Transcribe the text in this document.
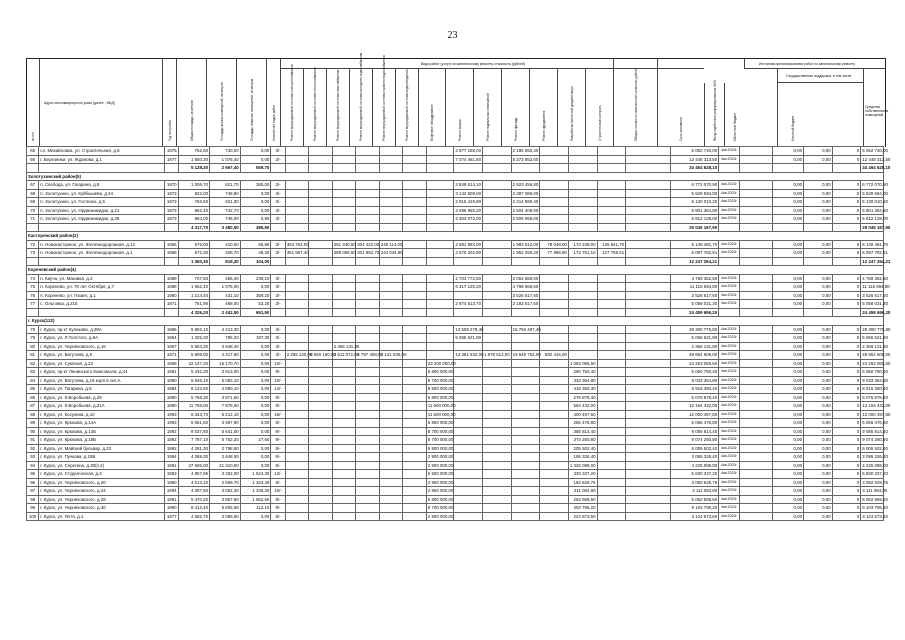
23
№ п/п
Адрес многоквартирного дома (далее - МКД)
Год постройки	Общая площадь, кв.метров	Площадь жилых помещений, кв.метров	Площадь нежилых помещений, кв.метров	Количество видов работ
Виды работ (услуг) по капитальному ремонту, стоимость (рублей)
Ремонт внутридомовой системы электроснабжения	Ремонт внутридомовой системы теплоснабжения	Ремонт внутридомовой системы газоснабжения	Ремонт внутридомовой системы холодного водоснабжения	Ремонт внутридомовой системы горячего водоснабжения	Ремонт внутридомовой системы водоотведения	Лифтовое оборудование	Ремонт крыши	Ремонт подвальных помещений	Ремонт фасада	Ремонт фундамента	Разработка проектной документации	Строительный контроль	Общая стоимость капитального ремонта, рублей	Срок окончания	Фонд содействия реформированию ЖКХ	Областной бюджет	Местный бюджет
Источники финансирования работ по капитальному ремонту
Государственная поддержка, в том числе
Средства собственников помещений
65	сл. Михайловка, ул. Строительная, д.6	1976	752,60	740,00	0,00	3/-								2 877 188,00		2 185 550,40					5 062 740,00	4кв.2023г		0,00	0,00	0	5 062 740,00
66	г. Березники, ул. Жданова, д.1	1977	1 850,30	1 076,40	0,00	3/-								7 074 461,50		5 373 852,00					12 448 313,50	4кв.2023г		0,00	0,00	0	12 448 313,50
			5 128,30	2 667,40	559,70																34 464 628,10						34 464 628,10
Золотухинский район(5)																											
67	п. Свобода, ул. Гагарина, д.8	1970	1 006,70	621,70	385,00	3/-								3 849 614,10		2 923 456,80					6 772 070,90	4кв.2023г		0,00	0,00	0	6 772 070,90
68	п. Золотухино, ул. Куйбышева, д.34	1973	822,00	748,80	0,00	3/-								3 142 508,00		2 387 086,00					5 529 594,00	4кв.2023г		0,00	0,00	0	5 529 594,00
69	п. Золотухино, ул. Гостенко, д.5	1973	762,60	621,30	0,00	3/-								2 915 419,80		2 214 590,40					5 130 010,20	4кв.2023г		0,00	0,00	0	5 130 010,20
70	п. Золотухино, ул. Орджоникидзе, д.21	1973	862,40	742,70	0,00	3/-								3 296 955,20		2 504 409,60					5 801 364,80	4кв.2023г		0,00	0,00	0	5 801 364,80
71	п. Золотухино, ул. Орджоникидзе, д.25	1973	864,00	746,00	0,90	3/-								3 303 072,00		2 509 056,00					5 812 128,00	4кв.2023г		0,00	0,00	0	5 812 128,00
			4 317,70	3 480,50	385,90																29 045 167,90						29 045 167,90
Касторенский район(2)																											
72	п. Новокасторное, ул. Железнодорожная, д.12	1956	675,00	410,60	55,80	3/-	354 764,00		291 340,00	304 422,00	248 114,00			2 581 994,00		1 983 612,00	78 048,00	174 249,00	126 841,70		6 149 481,70	4кв.2023г		0,00	0,00	0	6 149 481,70
73	п. Новокасторное, ул. Железнодорожная, д.1	1958	672,30	408,70	48,30	3/-	351 967,40		289 059,00	301 962,70	244 044,90			2 570 202,90		1 952 259,20	77 996,90	172 751,10	127 758,51		6 097 782,51	4кв.2023г		0,00	0,00	0	6 097 782,51
			1 360,30	819,30	104,00																12 247 264,21						12 247 264,21
Кореневский район(4)																											
74	п. Кауча, ул. Маковка, д.2	1989	707,50	465,40	239,10	3/-								2 704 772,50		2 054 580,00					4 759 352,50	4кв.2023г		0,00	0,00	0	4 759 352,50
75	п. Коренево, ул. 70 лет Октября, д.7	1988	1 652,40	1 075,00	0,00	3/-								6 317 125,20		4 798 569,60					11 115 694,80	4кв.2023г		0,00	0,00	0	11 115 694,80
76	п. Коренево, ул. Гизант, д.1	1980	1 214,40	431,10	359,20	3/-										3 526 617,60					3 526 617,60	4кв.2023г		0,00	0,00	0	3 526 617,60
77	с. Ольговка, д.215	1971	751,90	468,00	53,20	3/-								2 874 513,70		2 183 517,60					5 058 031,30	4кв.2023г		0,00	0,00	0	5 058 031,30
			4 326,20	2 442,50	651,50																24 459 696,20						24 459 696,20
г. Курск(122)																											
78	г. Курск, пр-кт Кулакова, д.39А	1986	5 962,10	4 413,30	0,00	3/-								13 508 278,40		15 792 497,40					29 300 775,80	4кв.2023г		0,00	0,00	0	29 300 775,80
79	г. Курск, ул. Л.Толстого, д.9А	1954	1 325,30	786,20	197,30	3/-								5 066 621,90							5 066 621,90	4кв.2023г		0,00	0,00	0	5 066 621,90
80	г. Курск, ул. Черняховского, д.16	1967	5 554,30	3 848,40	0,00	3/-			2 366 131,80												2 366 131,80	4кв.2023г		0,00	0,00	0	2 366 131,80
81	г. Курск, ул. Ватутина, д.5	1971	5 808,00	4 417,50	0,00	3/-	2 255 120,00	6 650 160,00	2 611 072,00	4 797 408,00	2 131 536,00			13 381 632,00	1 878 512,00	15 648 752,00	582 416,00				49 954 608,00	4кв.2023г		0,00	0,00	0	49 954 608,00
82	г. Курск, ул. Сумская, д.22	1968	22 147,20	15 170,70	0,00	10/-							23 200 000,00					1 063 065,60			24 263 065,60	4кв.2023г		0,00	0,00	0	24 263 065,60
83	г. Курск, пр-кт Ленинского Комсомола, д.44	1981	5 432,30	3 813,00	0,00	9/-							5 800 000,00					260 750,40			6 060 750,40	4кв.2023г		0,00	0,00	0	6 060 750,40
84	г. Курск, ул. Ватутина, д.16 корп.5 лит.А	1990	6 945,10	5 083,10	0,00	10/-							8 700 000,00					333 364,80			9 033 364,80	4кв.2023г		0,00	0,00	0	9 033 364,80
85	г. Курск, ул. Гагарина, д.8	1984	8 122,60	4 690,10	0,00	14/-							8 500 000,00					416 350,40			8 916 350,40	4кв.2023г		0,00	0,00	0	8 916 350,40
86	г. Курск, ул. К.Воробьева, д.29	1990	5 768,30	3 871,50	0,00	9/-							5 800 000,00					276 878,40			6 076 878,40	4кв.2023г		0,00	0,00	0	6 076 878,40
87	г. Курск, ул. К.Воробьева, д.31А	1990	11 759,00	7 878,60	0,00	9/-							11 600 000,00					564 432,00			12 164 432,00	4кв.2023г		0,00	0,00	0	12 164 432,00
88	г. Курск, ул. Косухина, д.10	1993	8 343,70	5 212,10	0,00	16/-							11 600 000,00					400 497,60			12 000 497,60	4кв.2023г		0,00	0,00	0	12 000 497,60
89	г. Курск, ул. Крюкова, д.14А	1993	5 551,60	3 967,90	0,00	9/-							5 800 000,00					266 476,80			6 066 476,80	4кв.2023г		0,00	0,00	0	6 066 476,80
90	г. Курск, ул. Крюкова, д.14Б	1992	8 037,80	5 641,00	0,00	9/-							8 700 000,00					385 814,40			9 085 814,40	4кв.2023г		0,00	0,00	0	9 085 814,40
91	г. Курск, ул. Крюкова, д.18Б	1992	7 787,10	5 752,20	27,60	9/-							8 700 000,00					374 260,80			9 074 260,80	4кв.2023г		0,00	0,00	0	9 074 260,80
92	г. Курск, ул. Майский бульвар, д.22	1992	4 281,30	2 798,80	0,00	9/-							5 800 000,00					205 502,40			6 005 502,40	4кв.2023г		0,00	0,00	0	6 005 502,40
93	г. Курск, ул. Пучкова, д.19Б	1994	4 069,30	2 648,50	0,00	9/-							2 900 000,00					195 326,40			3 095 326,40	4кв.2023г		0,00	0,00	0	3 095 326,40
94	г. Курск, ул. Серегина, д.30(п.2)	1991	27 606,00	21 310,50	0,00	9/-							2 900 000,00					1 325 088,00			4 225 088,00	4кв.2023г		0,00	0,00	0	4 225 088,00
95	г. Курск, ул. Студенческая, д.3	1983	4 857,95	3 252,00	1 524,30	12/-							6 500 000,00					330 337,20			6 830 337,20	4кв.2023г		0,00	0,00	0	6 830 337,20
96	г. Курск, ул. Черняховского, д.20	1990	4 013,10	2 669,70	1 323,40	9/-							2 900 000,00					182 629,76			3 082 629,76	4кв.2023г		0,00	0,00	0	3 082 629,76
97	г. Курск, ул. Черняховского, д.24	1994	4 397,60	3 052,30	1 345,30	10/-							2 900 000,00					211 084,80			3 111 084,80	4кв.2023г		0,00	0,00	0	3 111 084,80
98	г. Курск, ул. Черняховского, д.28	1991	5 470,20	3 857,60	1 552,60	9/-							5 800 000,00					262 569,60			6 062 569,60	4кв.2023г		0,00	0,00	0	6 062 569,60
99	г. Курск, ул. Черняховского, д.30	1990	8 412,40	5 605,50	112,10	9/-							8 700 000,00					403 795,20			9 103 795,20	4кв.2023г		0,00	0,00	0	9 103 795,20
100	г. Курск, ул. Ялтя, д.1	1977	4 682,70	3 098,50	0,00	9/-							2 900 000,00					224 673,60			3 124 673,60	4кв.2023г		0,00	0,00	0	3 124 673,60
